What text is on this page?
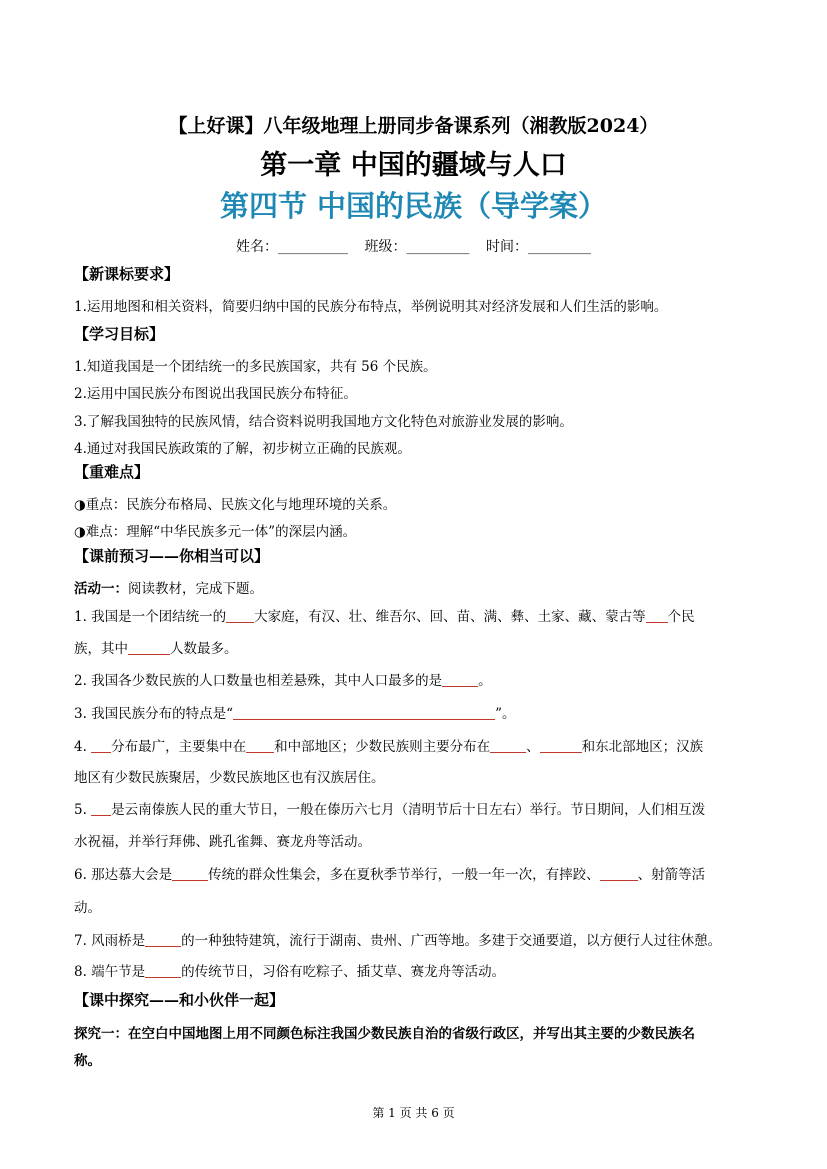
【上好课】八年级地理上册同步备课系列（湘教版2024）
第一章 中国的疆域与人口
第四节 中国的民族（导学案）
姓名：__________ 班级：_________ 时间：_________
【新课标要求】
1.运用地图和相关资料，简要归纳中国的民族分布特点，举例说明其对经济发展和人们生活的影响。
【学习目标】
1.知道我国是一个团结统一的多民族国家，共有 56 个民族。
2.运用中国民族分布图说出我国民族分布特征。
3.了解我国独特的民族风情，结合资料说明我国地方文化特色对旅游业发展的影响。
4.通过对我国民族政策的了解，初步树立正确的民族观。
【重难点】
◑重点：民族分布格局、民族文化与地理环境的关系。
◑难点：理解“中华民族多元一体”的深层内涵。
【课前预习——你相当可以】
活动一：阅读教材，完成下题。
1. 我国是一个团结统一的 大家庭，有汉、壮、维吾尔、回、苗、满、彝、土家、藏、蒙古等 个民
族，其中	人数最多。
2. 我国各少数民族的人口数量也相差悬殊，其中人口最多的是	。
3. 我国民族分布的特点是“	”。
4. 分布最广，主要集中在 和中部地区；少数民族则主要分布在	、	和东北部地区；汉族
地区有少数民族聚居，少数民族地区也有汉族居住。
5. 是云南傣族人民的重大节日，一般在傣历六七月（清明节后十日左右）举行。节日期间，人们相互泼
水祝福，并举行拜佛、跳孔雀舞、赛龙舟等活动。
6. 那达慕大会是	传统的群众性集会，多在夏秋季节举行，一般一年一次，有摔跤、	、射箭等活
动。
7. 风雨桥是	的一种独特建筑，流行于湖南、贵州、广西等地。多建于交通要道，以方便行人过往休憩。
8. 端午节是	的传统节日，习俗有吃粽子、插艾草、赛龙舟等活动。
【课中探究——和小伙伴一起】
探究一：在空白中国地图上用不同颜色标注我国少数民族自治的省级行政区，并写出其主要的少数民族名
称。
第 1 页 共 6 页
